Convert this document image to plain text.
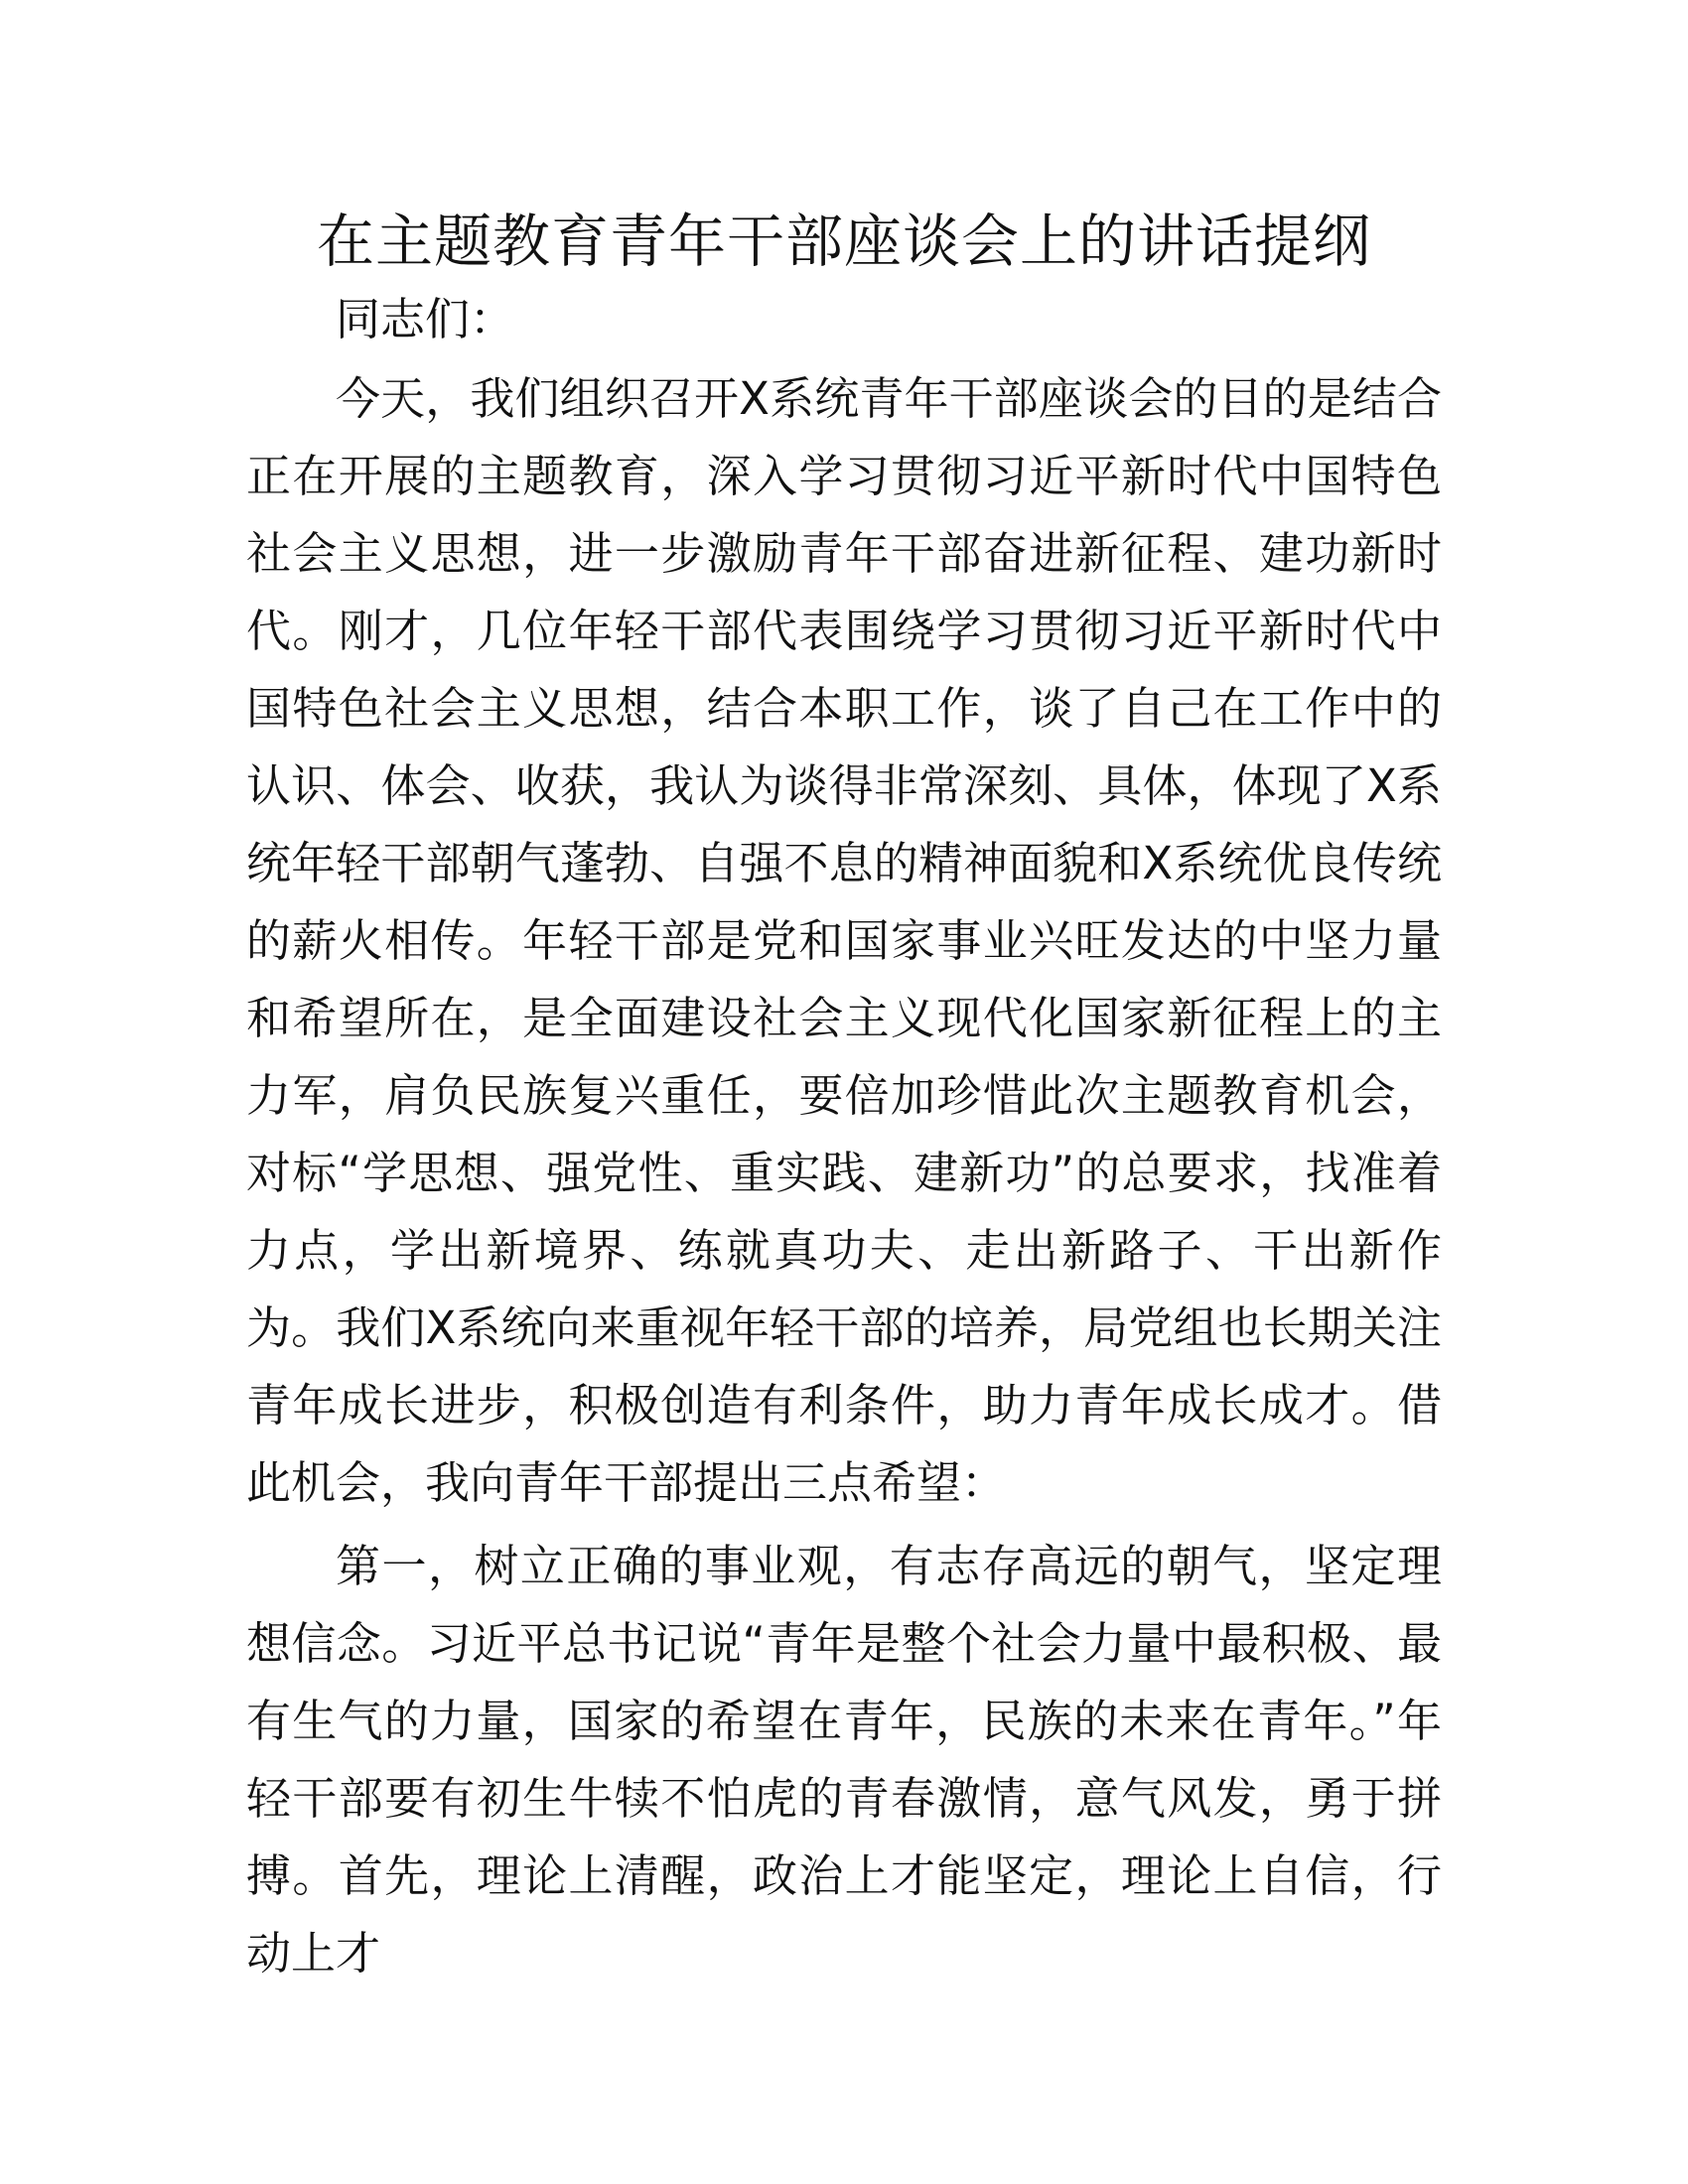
在主题教育青年干部座谈会上的讲话提纲

同志们：

今天，我们组织召开X系统青年干部座谈会的目的是结合正在开展的主题教育，深入学习贯彻习近平新时代中国特色社会主义思想，进一步激励青年干部奋进新征程、建功新时代。刚才，几位年轻干部代表围绕学习贯彻习近平新时代中国特色社会主义思想，结合本职工作，谈了自己在工作中的认识、体会、收获，我认为谈得非常深刻、具体，体现了X系统年轻干部朝气蓬勃、自强不息的精神面貌和X系统优良传统的薪火相传。年轻干部是党和国家事业兴旺发达的中坚力量和希望所在，是全面建设社会主义现代化国家新征程上的主力军，肩负民族复兴重任，要倍加珍惜此次主题教育机会，对标“学思想、强党性、重实践、建新功”的总要求，找准着力点，学出新境界、练就真功夫、走出新路子、干出新作为。我们X系统向来重视年轻干部的培养，局党组也长期关注青年成长进步，积极创造有利条件，助力青年成长成才。借此机会，我向青年干部提出三点希望：

第一，树立正确的事业观，有志存高远的朝气，坚定理想信念。习近平总书记说“青年是整个社会力量中最积极、最有生气的力量，国家的希望在青年，民族的未来在青年。”年轻干部要有初生牛犊不怕虎的青春激情，意气风发，勇于拼搏。首先，理论上清醒，政治上才能坚定，理论上自信，行动上才
